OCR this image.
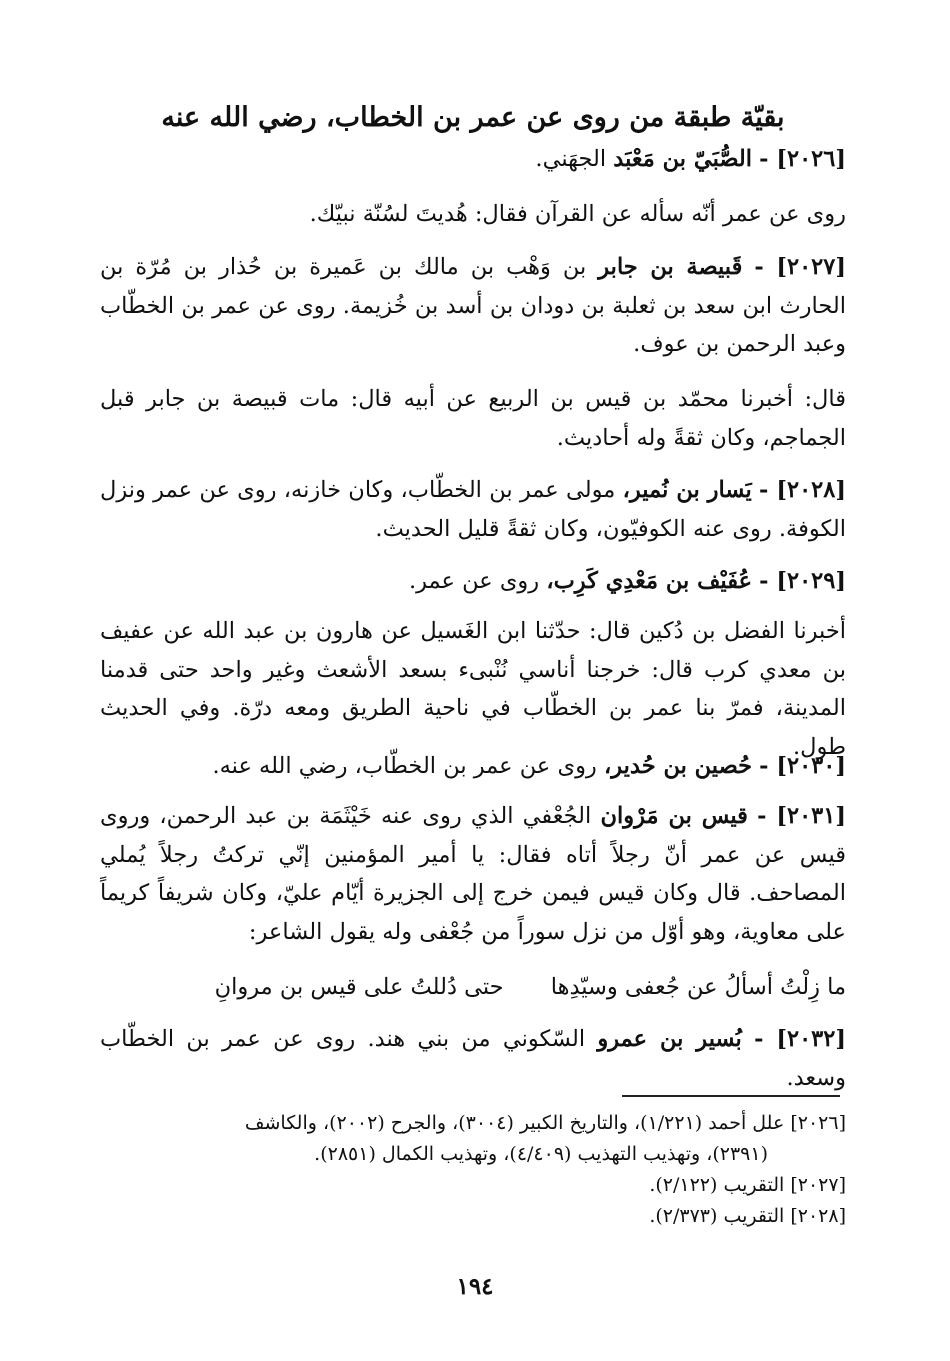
بقيّة طبقة من روى عن عمر بن الخطاب، رضي الله عنه
[٢٠٢٦] - الصُّبَيّ بن مَعْبَد الجهَني.
روى عن عمر أنّه سأله عن القرآن فقال: هُديتَ لسُنّة نبيّك.
[٢٠٢٧] - قَبيصة بن جابر بن وَهْب بن مالك بن عَميرة بن حُذار بن مُرّة بن الحارث ابن سعد بن ثعلبة بن دودان بن أسد بن خُزيمة. روى عن عمر بن الخطّاب وعبد الرحمن بن عوف.
قال: أخبرنا محمّد بن قيس بن الربيع عن أبيه قال: مات قبيصة بن جابر قبل الجماجم، وكان ثقةً وله أحاديث.
[٢٠٢٨] - يَسار بن نُمير، مولى عمر بن الخطّاب، وكان خازنه، روى عن عمر ونزل الكوفة. روى عنه الكوفيّون، وكان ثقةً قليل الحديث.
[٢٠٢٩] - عُفَيْف بن مَعْدِي كَرِب، روى عن عمر.
أخبرنا الفضل بن دُكين قال: حدّثنا ابن الغَسيل عن هارون بن عبد الله عن عفيف بن معدي كرب قال: خرجنا أناسي نُنْبىء بسعد الأشعث وغير واحد حتى قدمنا المدينة، فمرّ بنا عمر بن الخطّاب في ناحية الطريق ومعه درّة. وفي الحديث طول.
[٢٠٣٠] - حُصين بن حُدير، روى عن عمر بن الخطّاب، رضي الله عنه.
[٢٠٣١] - قيس بن مَرْوان الجُعْفي الذي روى عنه خَيْثَمَة بن عبد الرحمن، وروى قيس عن عمر أنّ رجلاً أتاه فقال: يا أمير المؤمنين إنّي تركتُ رجلاً يُملي المصاحف. قال وكان قيس فيمن خرج إلى الجزيرة أيّام عليّ، وكان شريفاً كريماً على معاوية، وهو أوّل من نزل سوراً من جُعْفى وله يقول الشاعر:
ما زِلْتُ أسألُ عن جُعفى وسيّدِها حتى دُللتُ على قيس بن مروانِ
[٢٠٣٢] - بُسير بن عمرو السّكوني من بني هند. روى عن عمر بن الخطّاب وسعد.
[٢٠٢٦] علل أحمد (١/٢٢١)، والتاريخ الكبير (٣٠٠٤)، والجرح (٢٠٠٢)، والكاشف
(٢٣٩١)، وتهذيب التهذيب (٤/٤٠٩)، وتهذيب الكمال (٢٨٥١).
[٢٠٢٧] التقريب (٢/١٢٢).
[٢٠٢٨] التقريب (٢/٣٧٣).
١٩٤
